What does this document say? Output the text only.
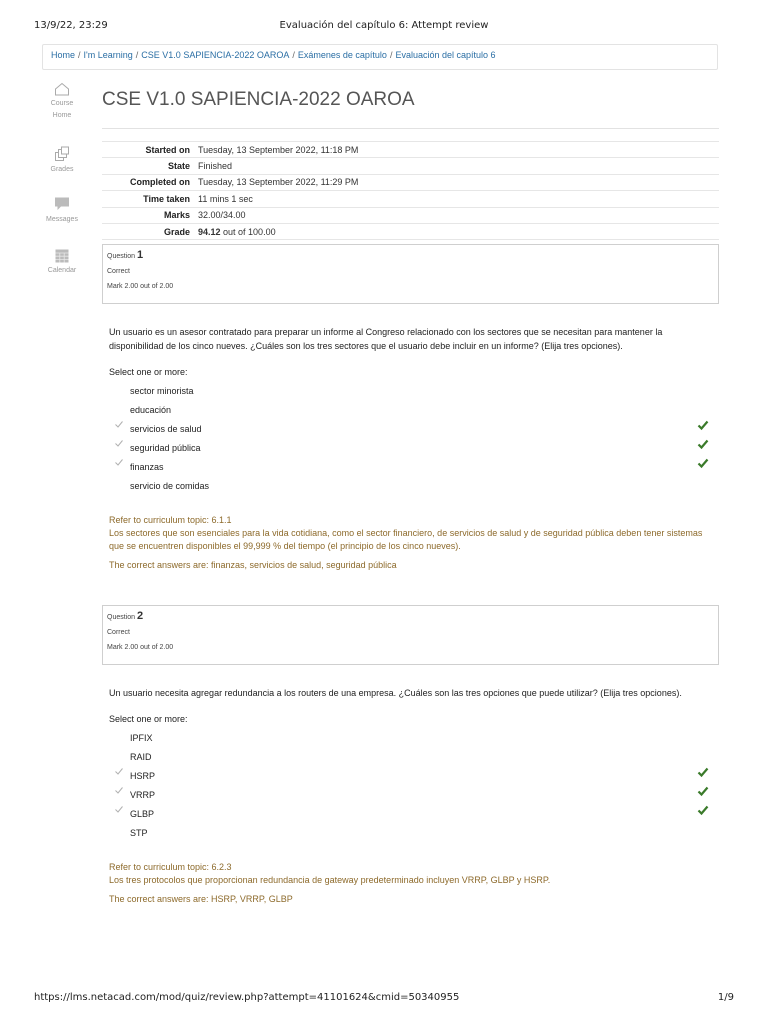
13/9/22, 23:29	Evaluación del capítulo 6: Attempt review
Home / I'm Learning / CSE V1.0 SAPIENCIA-2022 OAROA / Exámenes de capítulo / Evaluación del capítulo 6
Course
Home
Grades
Messages
Calendar
CSE V1.0 SAPIENCIA-2022 OAROA
Started on	Tuesday, 13 September 2022, 11:18 PM
State	Finished
Completed on	Tuesday, 13 September 2022, 11:29 PM
Time taken	11 mins 1 sec
Marks	32.00/34.00
Grade	94.12 out of 100.00
Question 1
Correct
Mark 2.00 out of 2.00
Un usuario es un asesor contratado para preparar un informe al Congreso relacionado con los sectores que se necesitan para mantener la disponibilidad de los cinco nueves. ¿Cuáles son los tres sectores que el usuario debe incluir en un informe? (Elija tres opciones).
Select one or more:
sector minorista
educación
servicios de salud
seguridad pública
finanzas
servicio de comidas
Refer to curriculum topic: 6.1.1
Los sectores que son esenciales para la vida cotidiana, como el sector financiero, de servicios de salud y de seguridad pública deben tener sistemas que se encuentren disponibles el 99,999 % del tiempo (el principio de los cinco nueves).
The correct answers are: finanzas, servicios de salud, seguridad pública
Question 2
Correct
Mark 2.00 out of 2.00
Un usuario necesita agregar redundancia a los routers de una empresa. ¿Cuáles son las tres opciones que puede utilizar? (Elija tres opciones).
Select one or more:
IPFIX
RAID
HSRP
VRRP
GLBP
STP
Refer to curriculum topic: 6.2.3
Los tres protocolos que proporcionan redundancia de gateway predeterminado incluyen VRRP, GLBP y HSRP.
The correct answers are: HSRP, VRRP, GLBP
https://lms.netacad.com/mod/quiz/review.php?attempt=41101624&cmid=50340955	1/9
